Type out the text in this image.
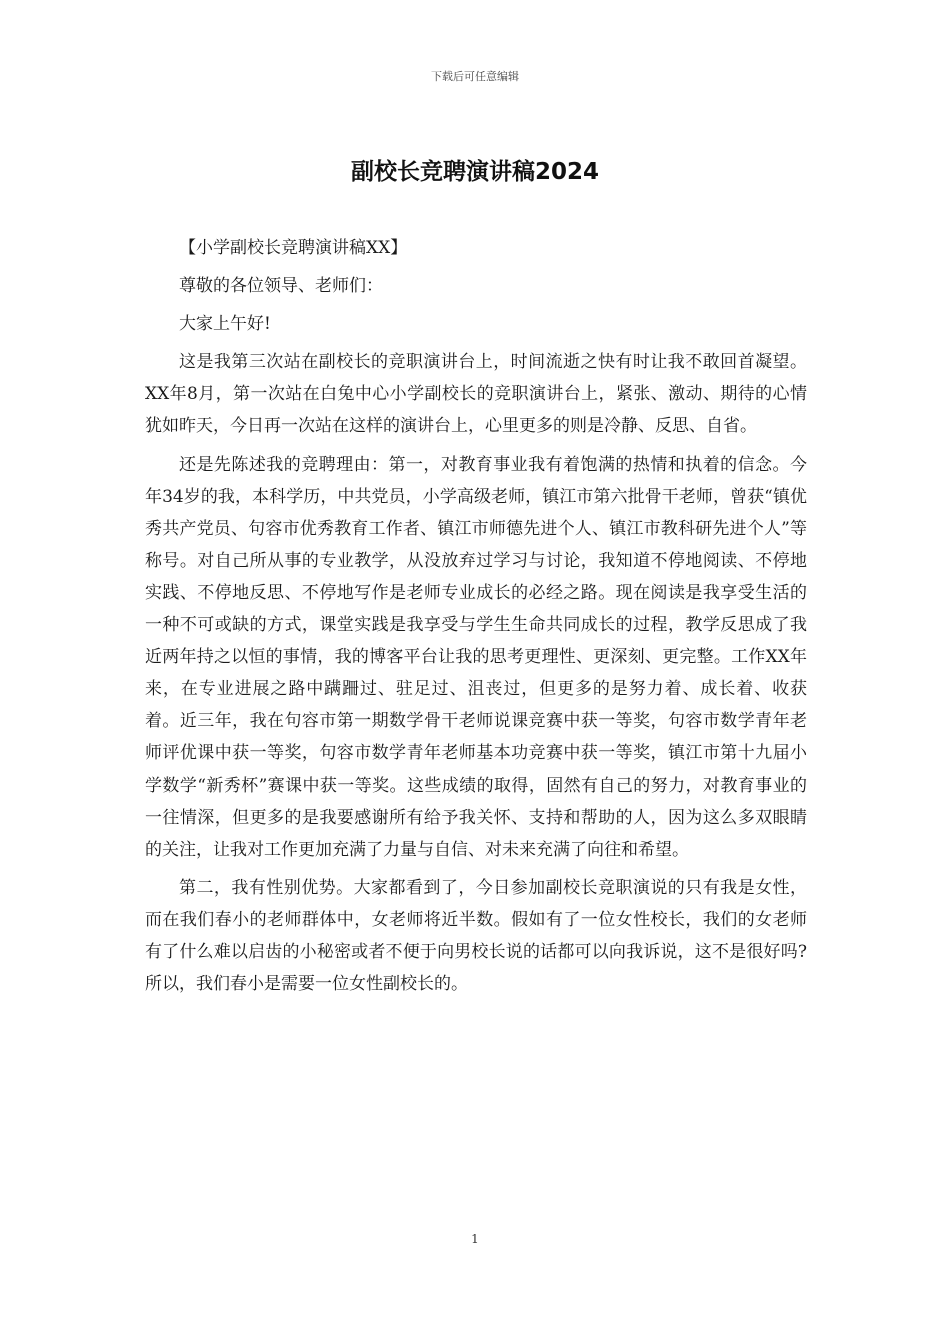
下载后可任意编辑
副校长竞聘演讲稿2024

【小学副校长竞聘演讲稿XX】

尊敬的各位领导、老师们：

大家上午好!

这是我第三次站在副校长的竞职演讲台上，时间流逝之快有时让我不敢回首凝望。XX年8月，第一次站在白兔中心小学副校长的竞职演讲台上，紧张、激动、期待的心情犹如昨天，今日再一次站在这样的演讲台上，心里更多的则是冷静、反思、自省。

还是先陈述我的竞聘理由：第一，对教育事业我有着饱满的热情和执着的信念。今年34岁的我，本科学历，中共党员，小学高级老师，镇江市第六批骨干老师，曾获“镇优秀共产党员、句容市优秀教育工作者、镇江市师德先进个人、镇江市教科研先进个人”等称号。对自己所从事的专业教学，从没放弃过学习与讨论，我知道不停地阅读、不停地实践、不停地反思、不停地写作是老师专业成长的必经之路。现在阅读是我享受生活的一种不可或缺的方式，课堂实践是我享受与学生生命共同成长的过程，教学反思成了我近两年持之以恒的事情，我的博客平台让我的思考更理性、更深刻、更完整。工作XX年来，在专业进展之路中蹒跚过、驻足过、沮丧过，但更多的是努力着、成长着、收获着。近三年，我在句容市第一期数学骨干老师说课竞赛中获一等奖，句容市数学青年老师评优课中获一等奖，句容市数学青年老师基本功竞赛中获一等奖，镇江市第十九届小学数学“新秀杯”赛课中获一等奖。这些成绩的取得，固然有自己的努力，对教育事业的一往情深，但更多的是我要感谢所有给予我关怀、支持和帮助的人，因为这么多双眼睛的关注，让我对工作更加充满了力量与自信、对未来充满了向往和希望。

第二，我有性别优势。大家都看到了，今日参加副校长竞职演说的只有我是女性，而在我们春小的老师群体中，女老师将近半数。假如有了一位女性校长，我们的女老师有了什么难以启齿的小秘密或者不便于向男校长说的话都可以向我诉说，这不是很好吗?所以，我们春小是需要一位女性副校长的。

1
